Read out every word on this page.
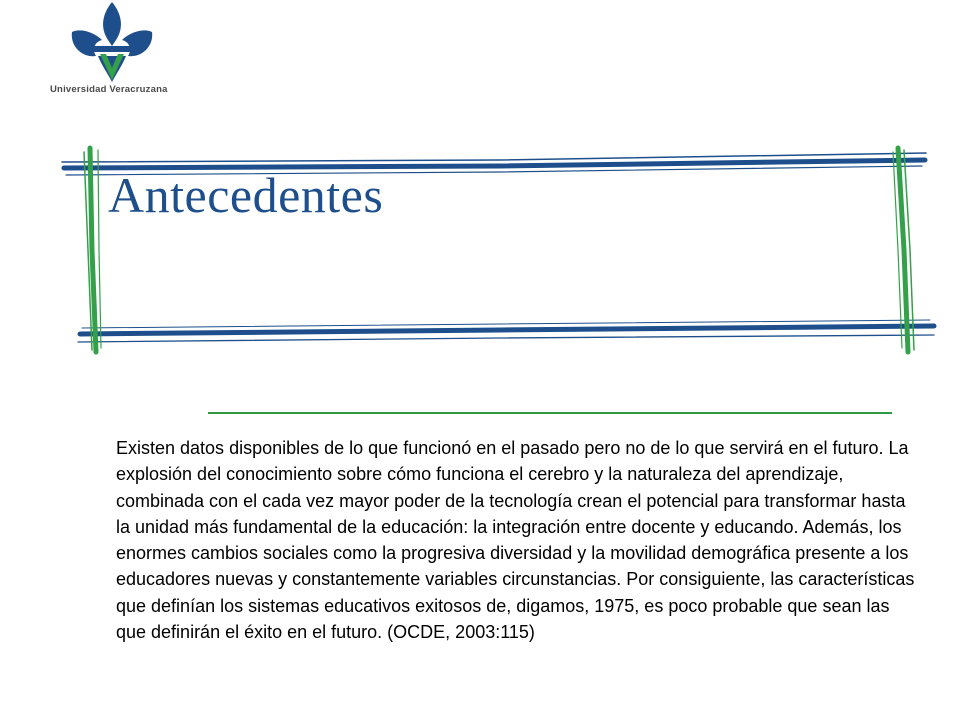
Universidad Veracruzana
Antecedentes

Existen datos disponibles de lo que funcionó en el pasado pero no de lo que servirá en el futuro. La explosión del conocimiento sobre cómo funciona el cerebro y la naturaleza del aprendizaje, combinada con el cada vez mayor poder de la tecnología crean el potencial para transformar hasta la unidad más fundamental de la educación: la integración entre docente y educando. Además, los enormes cambios sociales como la progresiva diversidad y la movilidad demográfica presente a los educadores nuevas y constantemente variables circunstancias. Por consiguiente, las características que definían los sistemas educativos exitosos de, digamos, 1975, es poco probable que sean las que definirán el éxito en el futuro. (OCDE, 2003:115)
